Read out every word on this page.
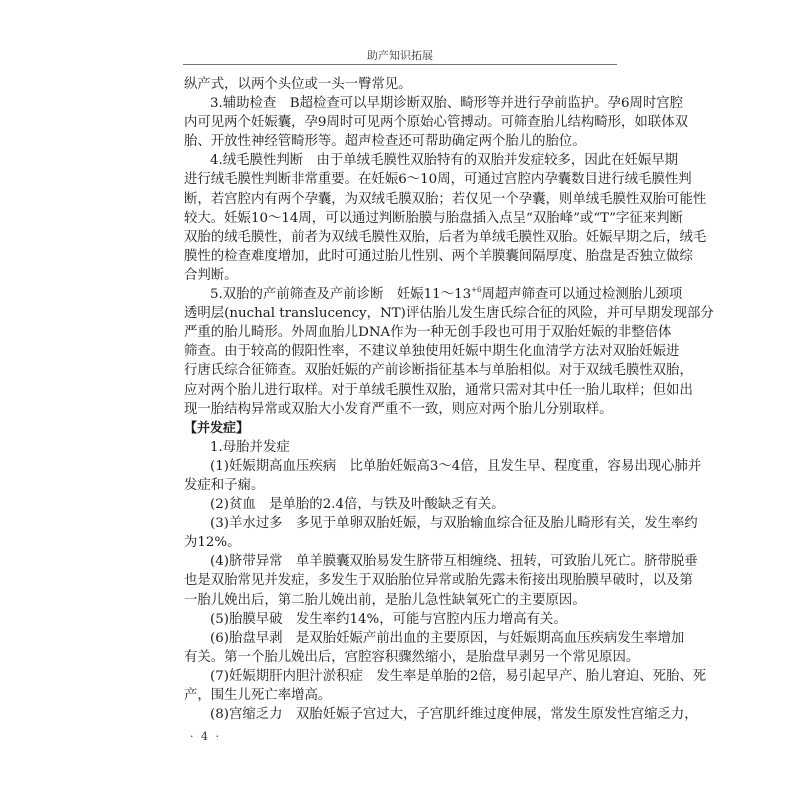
助产知识拓展
纵产式，以两个头位或一头一臀常见。
3.辅助检查　B超检查可以早期诊断双胎、畸形等并进行孕前监护。孕6周时宫腔
内可见两个妊娠囊，孕9周时可见两个原始心管搏动。可筛查胎儿结构畸形，如联体双
胎、开放性神经管畸形等。超声检查还可帮助确定两个胎儿的胎位。
4.绒毛膜性判断　由于单绒毛膜性双胎特有的双胎并发症较多，因此在妊娠早期
进行绒毛膜性判断非常重要。在妊娠6～10周，可通过宫腔内孕囊数目进行绒毛膜性判
断，若宫腔内有两个孕囊，为双绒毛膜双胎；若仅见一个孕囊，则单绒毛膜性双胎可能性
较大。妊娠10～14周，可以通过判断胎膜与胎盘插入点呈“双胎峰”或“T”字征来判断
双胎的绒毛膜性，前者为双绒毛膜性双胎，后者为单绒毛膜性双胎。妊娠早期之后，绒毛
膜性的检查难度增加，此时可通过胎儿性别、两个羊膜囊间隔厚度、胎盘是否独立做综
合判断。
5.双胎的产前筛查及产前诊断　妊娠$11\sim 13^{+6}$周超声筛查可以通过检测胎儿颈项
透明层(nuchal translucency，NT)评估胎儿发生唐氏综合征的风险，并可早期发现部分
严重的胎儿畸形。外周血胎儿DNA作为一种无创手段也可用于双胎妊娠的非整倍体
筛查。由于较高的假阳性率，不建议单独使用妊娠中期生化血清学方法对双胎妊娠进
行唐氏综合征筛查。双胎妊娠的产前诊断指征基本与单胎相似。对于双绒毛膜性双胎，
应对两个胎儿进行取样。对于单绒毛膜性双胎，通常只需对其中任一胎儿取样；但如出
现一胎结构异常或双胎大小发育严重不一致，则应对两个胎儿分别取样。
【并发症】
1.母胎并发症
(1)妊娠期高血压疾病　比单胎妊娠高3～4倍，且发生早、程度重，容易出现心肺并
发症和子痫。
(2)贫血　是单胎的2.4倍，与铁及叶酸缺乏有关。
(3)羊水过多　多见于单卵双胎妊娠，与双胎输血综合征及胎儿畸形有关，发生率约
为12%。
(4)脐带异常　单羊膜囊双胎易发生脐带互相缠绕、扭转，可致胎儿死亡。脐带脱垂
也是双胎常见并发症，多发生于双胎胎位异常或胎先露未衔接出现胎膜早破时，以及第
一胎儿娩出后，第二胎儿娩出前，是胎儿急性缺氧死亡的主要原因。
(5)胎膜早破　发生率约14%，可能与宫腔内压力增高有关。
(6)胎盘早剥　是双胎妊娠产前出血的主要原因，与妊娠期高血压疾病发生率增加
有关。第一个胎儿娩出后，宫腔容积骤然缩小，是胎盘早剥另一个常见原因。
(7)妊娠期肝内胆汁淤积症　发生率是单胎的2倍，易引起早产、胎儿窘迫、死胎、死
产，围生儿死亡率增高。
(8)宫缩乏力　双胎妊娠子宫过大，子宫肌纤维过度伸展，常发生原发性宫缩乏力，
· 4 ·
